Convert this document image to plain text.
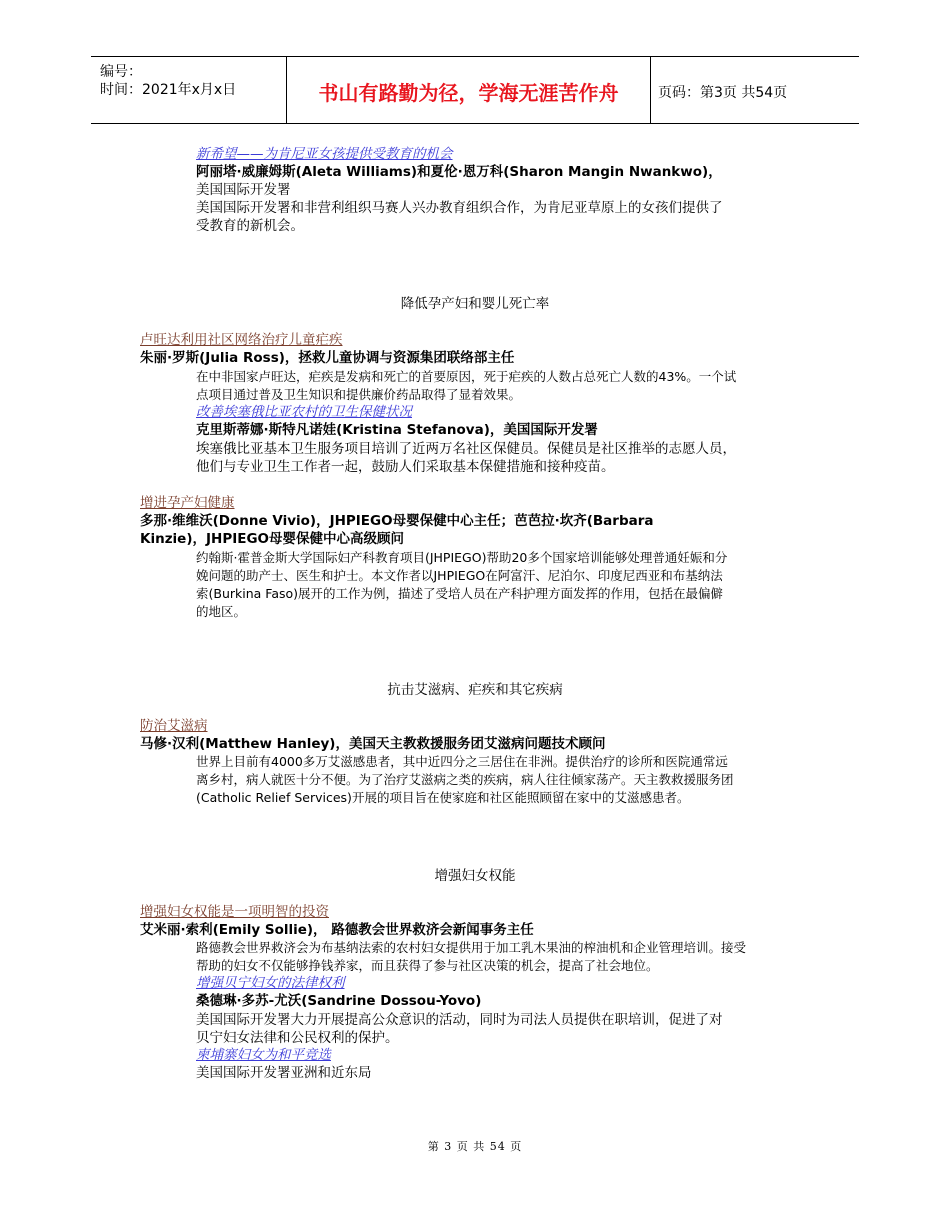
编号：
时间：2021年x月x日	书山有路勤为径，学海无涯苦作舟	页码：第3页 共54页
新希望——为肯尼亚女孩提供受教育的机会
阿丽塔·威廉姆斯(Aleta Williams)和夏伦·恩万科(Sharon Mangin Nwankwo)，
美国国际开发署
美国国际开发署和非营利组织马赛人兴办教育组织合作，为肯尼亚草原上的女孩们提供了
受教育的新机会。
降低孕产妇和婴儿死亡率
卢旺达利用社区网络治疗儿童疟疾
朱丽·罗斯(Julia Ross)，拯救儿童协调与资源集团联络部主任
在中非国家卢旺达，疟疾是发病和死亡的首要原因，死于疟疾的人数占总死亡人数的43%。一个试
点项目通过普及卫生知识和提供廉价药品取得了显着效果。
改善埃塞俄比亚农村的卫生保健状况
克里斯蒂娜·斯特凡诺娃(Kristina Stefanova)，美国国际开发署
埃塞俄比亚基本卫生服务项目培训了近两万名社区保健员。保健员是社区推举的志愿人员，
他们与专业卫生工作者一起，鼓励人们采取基本保健措施和接种疫苗。
增进孕产妇健康
多那·维维沃(Donne Vivio)，JHPIEGO母婴保健中心主任；芭芭拉·坎齐(Barbara
Kinzie)，JHPIEGO母婴保健中心高级顾问
约翰斯·霍普金斯大学国际妇产科教育项目(JHPIEGO)帮助20多个国家培训能够处理普通妊娠和分
娩问题的助产士、医生和护士。本文作者以JHPIEGO在阿富汗、尼泊尔、印度尼西亚和布基纳法
索(Burkina Faso)展开的工作为例，描述了受培人员在产科护理方面发挥的作用，包括在最偏僻
的地区。
抗击艾滋病、疟疾和其它疾病
防治艾滋病
马修·汉利(Matthew Hanley)，美国天主教救援服务团艾滋病问题技术顾问
世界上目前有4000多万艾滋感患者，其中近四分之三居住在非洲。提供治疗的诊所和医院通常远
离乡村，病人就医十分不便。为了治疗艾滋病之类的疾病，病人往往倾家荡产。天主教救援服务团
(Catholic Relief Services)开展的项目旨在使家庭和社区能照顾留在家中的艾滋感患者。
增强妇女权能
增强妇女权能是一项明智的投资
艾米丽·索利(Emily Sollie)， 路德教会世界救济会新闻事务主任
路德教会世界救济会为布基纳法索的农村妇女提供用于加工乳木果油的榨油机和企业管理培训。接受
帮助的妇女不仅能够挣钱养家，而且获得了参与社区决策的机会，提高了社会地位。
增强贝宁妇女的法律权利
桑德琳·多苏-尤沃(Sandrine Dossou-Yovo)
美国国际开发署大力开展提高公众意识的活动，同时为司法人员提供在职培训，促进了对
贝宁妇女法律和公民权利的保护。
柬埔寨妇女为和平竞选
美国国际开发署亚洲和近东局
第 3 页 共 54 页
